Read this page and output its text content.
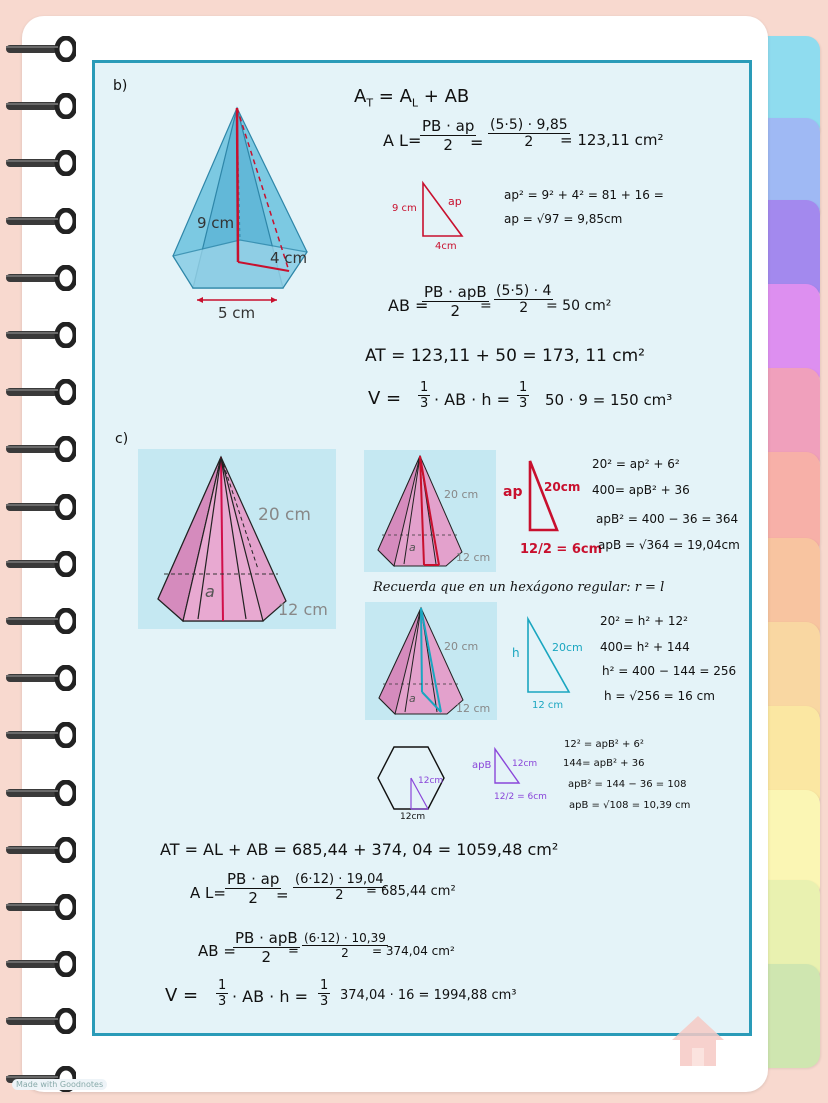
b)
9 cm
4 cm
5 cm
$A_T = A_L$ + AB
A L=
$\frac{PB \cdot ap}{2}$
= $\frac{(5\cdot 5) \cdot 9,85}{2}$
= 123,11 cm²
9 cm
ap
4cm
ap² = 9² + 4² = 81 + 16 =
ap = √97 = 9,85cm
AB =
PB · apB
2	= $\frac{(5\cdot 5) \cdot 4}{2}$
= 50 cm²
AT = 123,11 + 50 = 173, 11 cm²
$V = \frac{1}{3}$ · AB · $h = \frac{1}{3} 50 \cdot 9 = 150$ cm³
c)
20 cm
a
12 cm
20 cm
a
12 cm
ap 20cm
12/2 = 6cm
20² = ap² + 6²
400= apB² + 36
apB² = 400 − 36 = 364
apB = √364 = 19,04cm
Recuerda que en un hexágono regular: r = l
20 cm
a
12 cm
h	20cm
12 cm
20² = h² + 12²
400= h² + 144
h² = 400 − 144 = 256
h = √256 = 16 cm
12cm
12cm
apB 12cm
12/2 = 6cm
12² = apB² + 6²
144= apB² + 36
apB² = 144 − 36 = 108
apB = √108 = 10,39 cm
AT = AL + AB = 685,44 + 374, 04 = 1059,48 cm²
A $L= \frac{PB \cdot ap}{2}$
= $\frac{(6\cdot 12) \cdot 19,04}{2}$
= 685,44 cm²
AB =
PB · apB
2	= $\frac{(6\cdot 12) \cdot 10,39}{2}$
= 374,04 cm²
$V = \frac{1}{3}$ · AB · $h = \frac{1}{3} 374,04 \cdot 16 = 1994,88$ cm³
Made with Goodnotes
